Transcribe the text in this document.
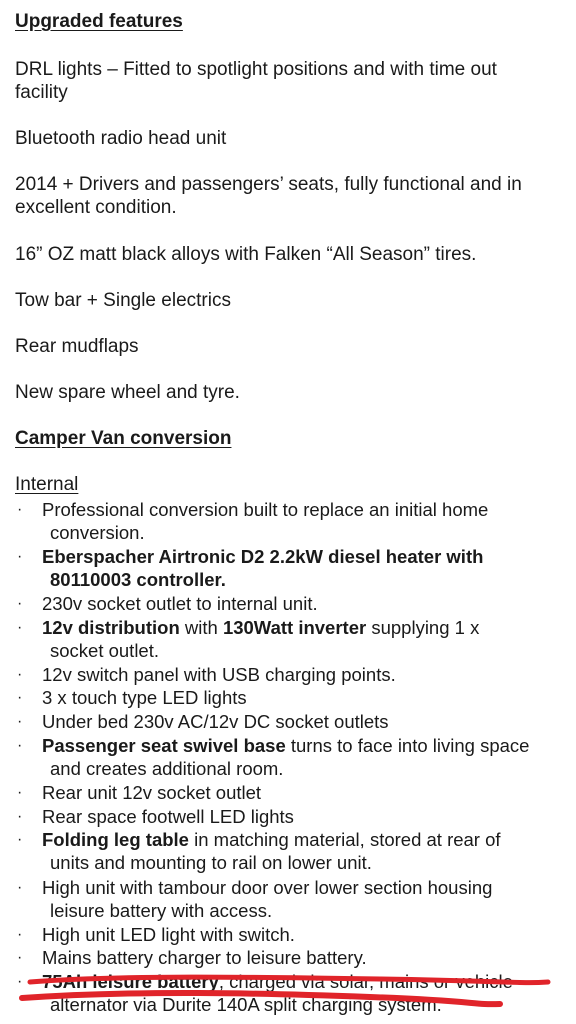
Upgraded features
DRL lights – Fitted to spotlight positions and with time out
facility
Bluetooth radio head unit
2014 + Drivers and passengers’ seats, fully functional and in
excellent condition.
16” OZ matt black alloys with Falken “All Season” tires.
Tow bar + Single electrics
Rear mudflaps
New spare wheel and tyre.
Camper Van conversion
Internal
· Professional conversion built to replace an initial home
conversion.
· Eberspacher Airtronic D2 2.2kW diesel heater with
80110003 controller.
· 230v socket outlet to internal unit.
· 12v distribution with 130Watt inverter supplying 1 x
socket outlet.
· 12v switch panel with USB charging points.
· 3 x touch type LED lights
· Under bed 230v AC/12v DC socket outlets
· Passenger seat swivel base turns to face into living space
and creates additional room.
· Rear unit 12v socket outlet
· Rear space footwell LED lights
· Folding leg table in matching material, stored at rear of
units and mounting to rail on lower unit.
· High unit with tambour door over lower section housing
leisure battery with access.
· High unit LED light with switch.
· Mains battery charger to leisure battery.
· 75Ah leisure battery, charged via solar, mains or vehicle
alternator via Durite 140A split charging system.
